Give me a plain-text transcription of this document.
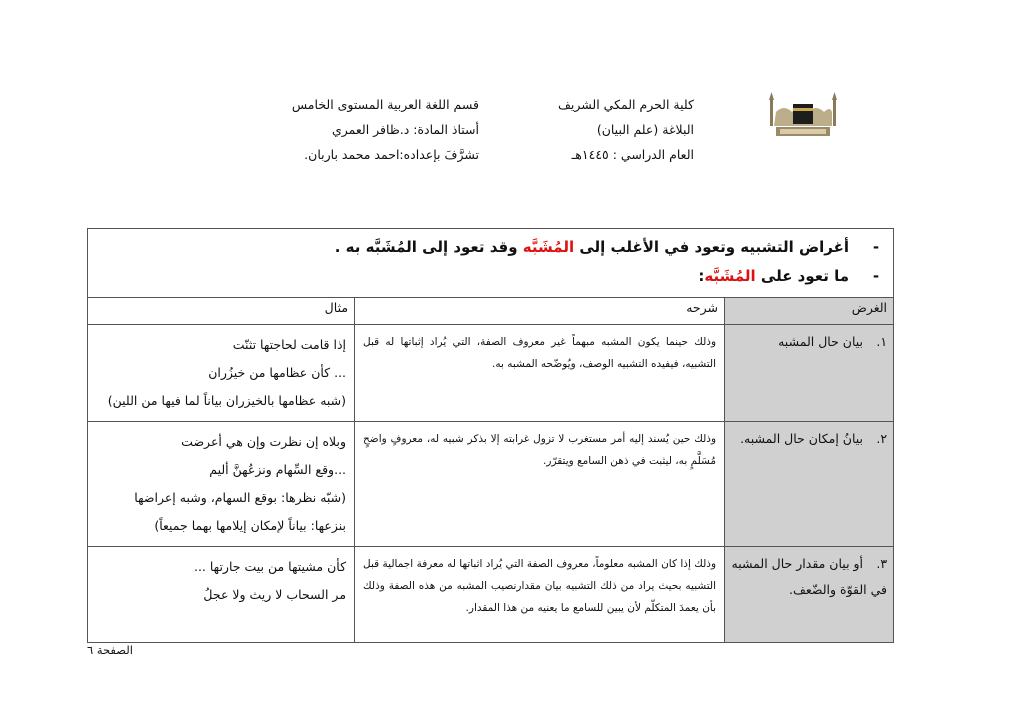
كلية الحرم المكي الشريف
البلاغة (علم البيان)
العام الدراسي : ١٤٤٥هـ
قسم اللغة العربية المستوى الخامس
أستاذ المادة: د.ظافر العمري
تشرَّفَ بإعداده:احمد محمد باربان.
-أغراض التشبيه وتعود في الأغلب إلى المُشَبَّه وقد تعود إلى المُشَبَّه به .
-ما تعود على المُشَبَّه:		

الغرض	شرحه	مثال
١.بيان حال المشبه	وذلك حينما يكون المشبه مبهماً غير معروف الصفة، التي يُراد إثباتها له قبل التشبيه، فيفيده التشبيه الوصف، ويُوضّحه المشبه به.	إذا قامت لحاجتها تثنّت
... كأن عظامها من خيزُران
(شبه عظامها بالخيزران بياناً لما فيها من اللين)

٢.بيانُ إمكان حال المشبه.	وذلك حين يُسند إليه أمر مستغرب لا تزول غرابته إلا بذكر شبيه له، معروفٍ واضحٍ مُسَلَّمٍ به، ليثبت في ذهن السامع ويتقرّر.	وبلاه إن نظرت وإن هي أعرضت
...وقع السِّهام ونزعُهنَّ أليم
(شبّه نظرها: بوقع السهام، وشبه إعراضها
بنزعها: بياناً لإمكان إيلامها بهما جميعاً)

٣.أو بيان مقدار حال المشبه في القوّة والضّعف.	وذلك إذا كان المشبه معلوماً، معروف الصفة التي يُراد اثباتها له معرفة اجمالية قبل التشبيه بحيث يراد من ذلك التشبيه بيان مقدارنصيب المشبه من هذه الصفة وذلك بأن يعمدَ المتكلّم لأن يبين للسامع ما يعنيه من هذا المقدار.	كأن مشيتها من بيت جارتها ...
مر السحاب لا ريث ولا عجلُ
الصفحة ٦
